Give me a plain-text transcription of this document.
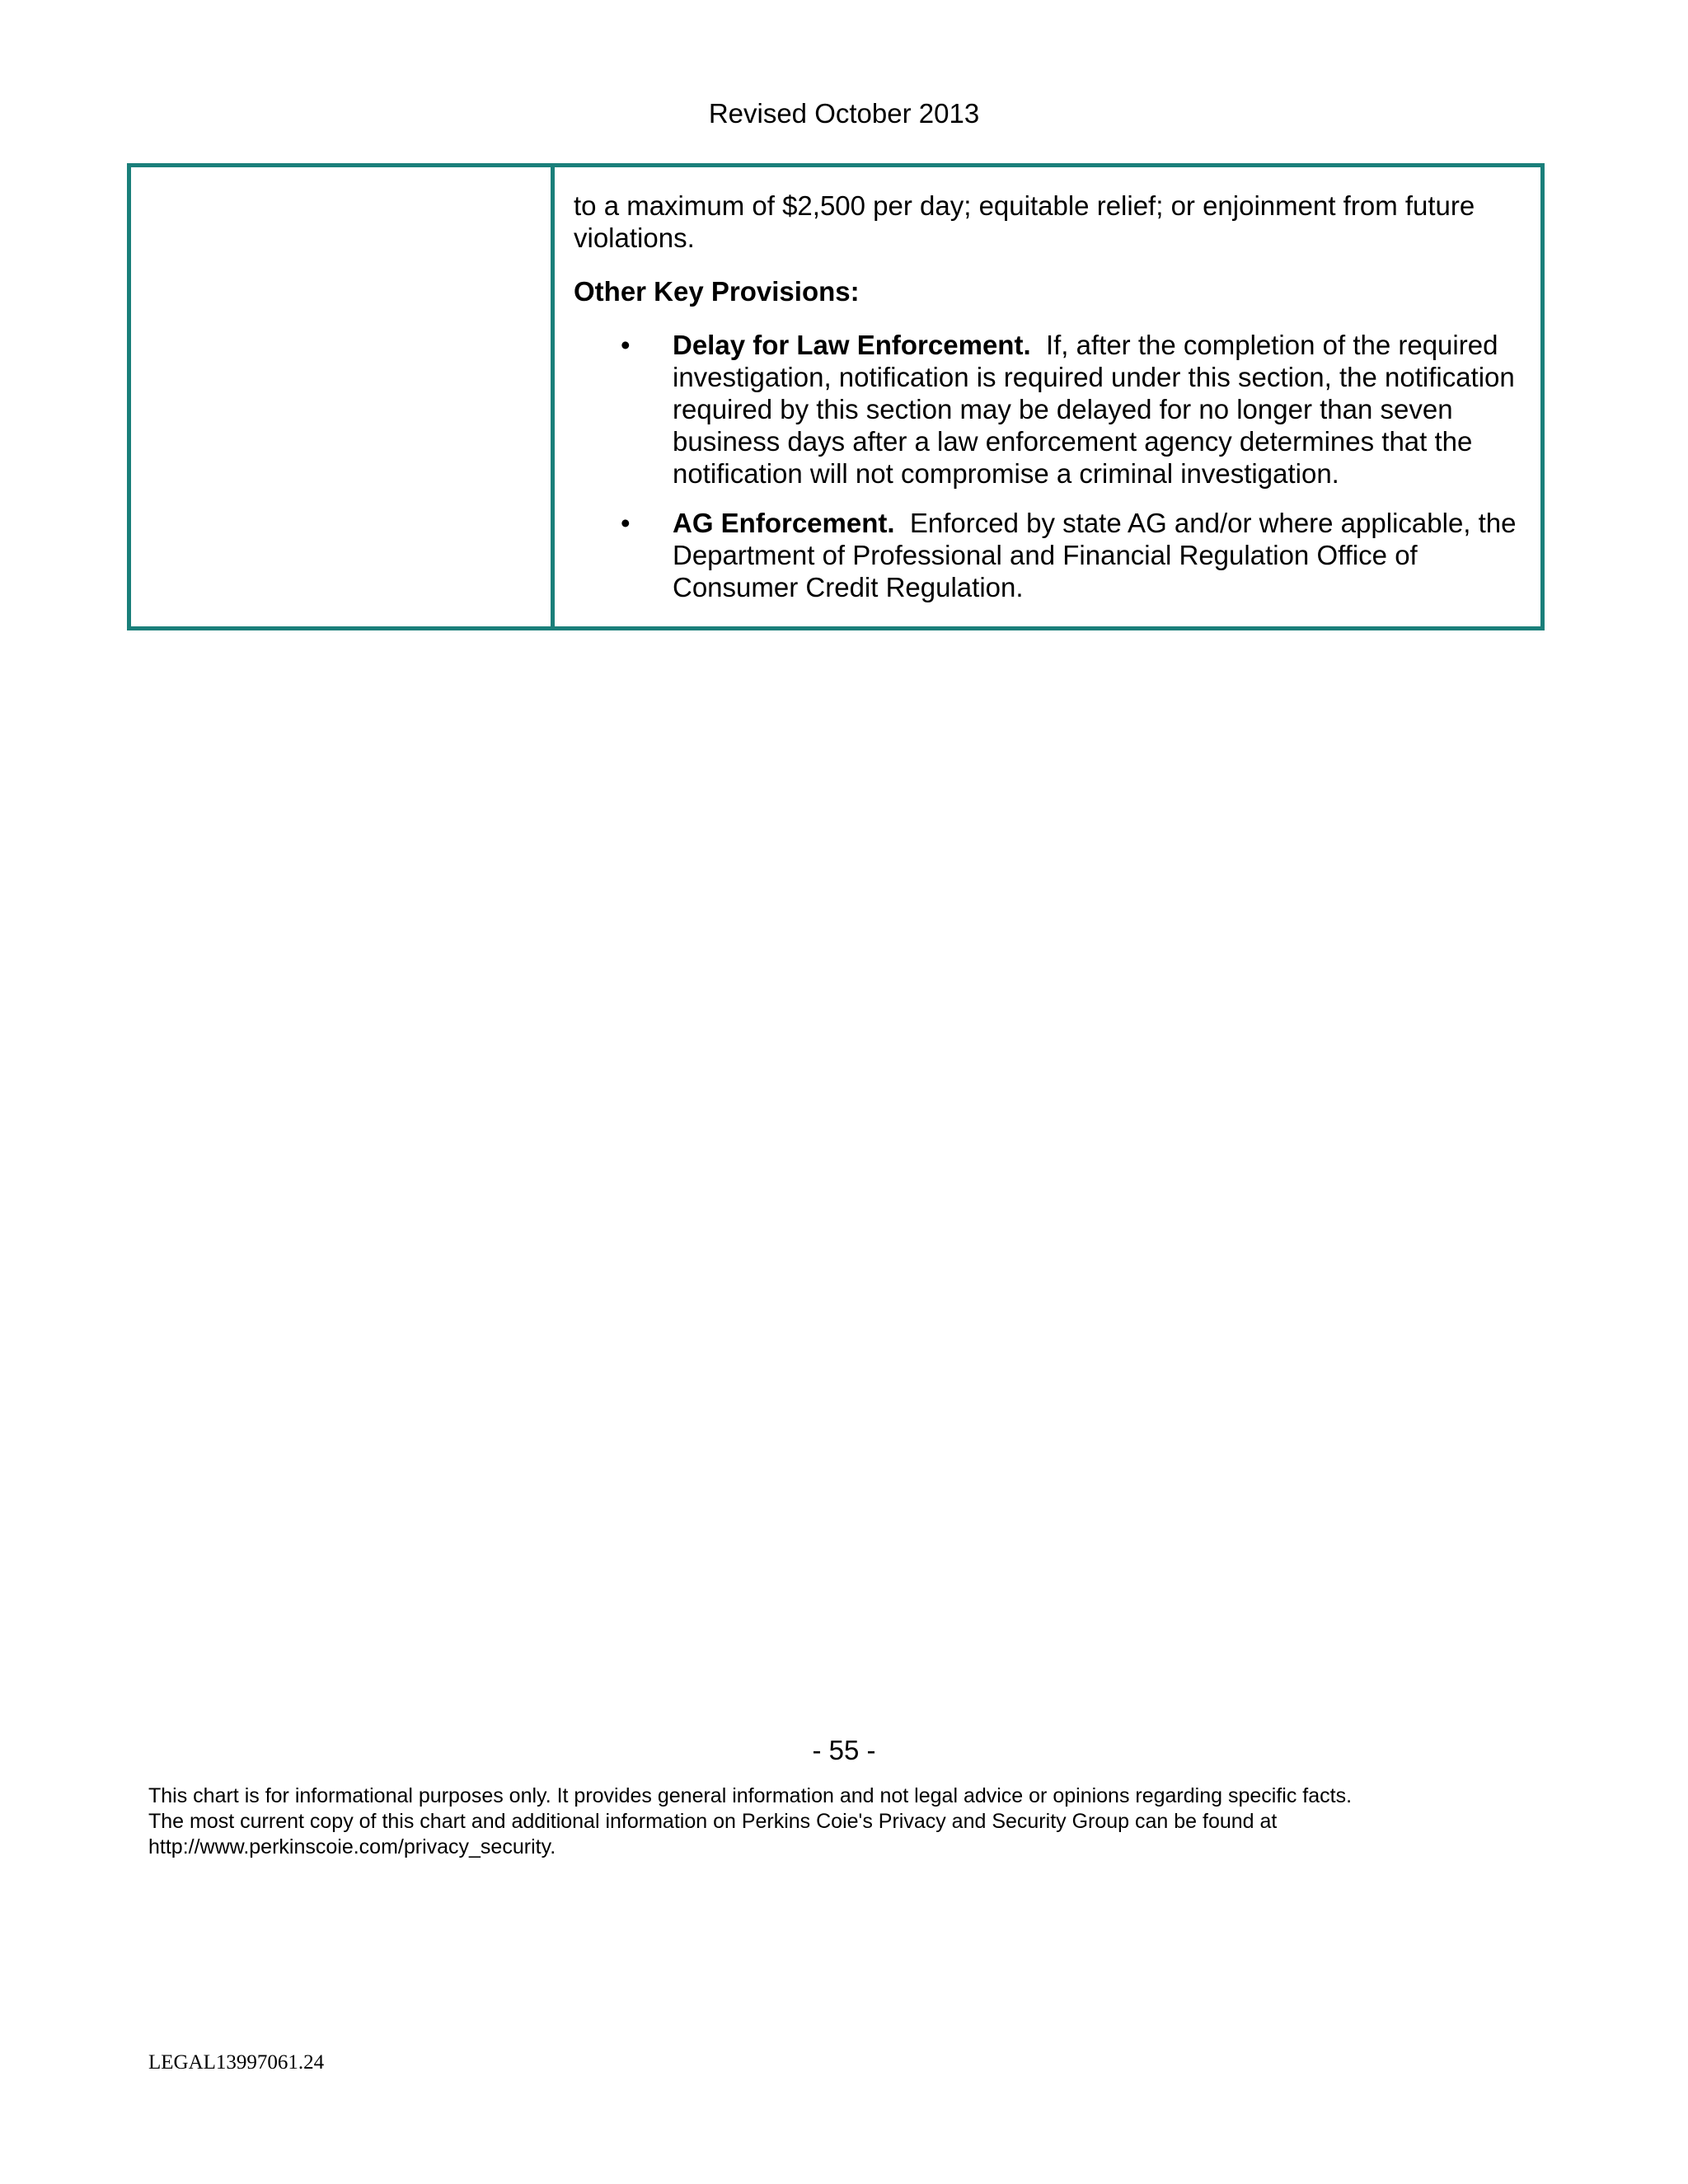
Revised October 2013

to a maximum of $2,500 per day; equitable relief; or enjoinment from future violations.

Other Key Provisions:

• Delay for Law Enforcement. If, after the completion of the required investigation, notification is required under this section, the notification required by this section may be delayed for no longer than seven business days after a law enforcement agency determines that the notification will not compromise a criminal investigation.
• AG Enforcement. Enforced by state AG and/or where applicable, the Department of Professional and Financial Regulation Office of Consumer Credit Regulation.
- 55 -

This chart is for informational purposes only. It provides general information and not legal advice or opinions regarding specific facts.

The most current copy of this chart and additional information on Perkins Coie's Privacy and Security Group can be found at

http://www.perkinscoie.com/privacy_security.

LEGAL13997061.24
